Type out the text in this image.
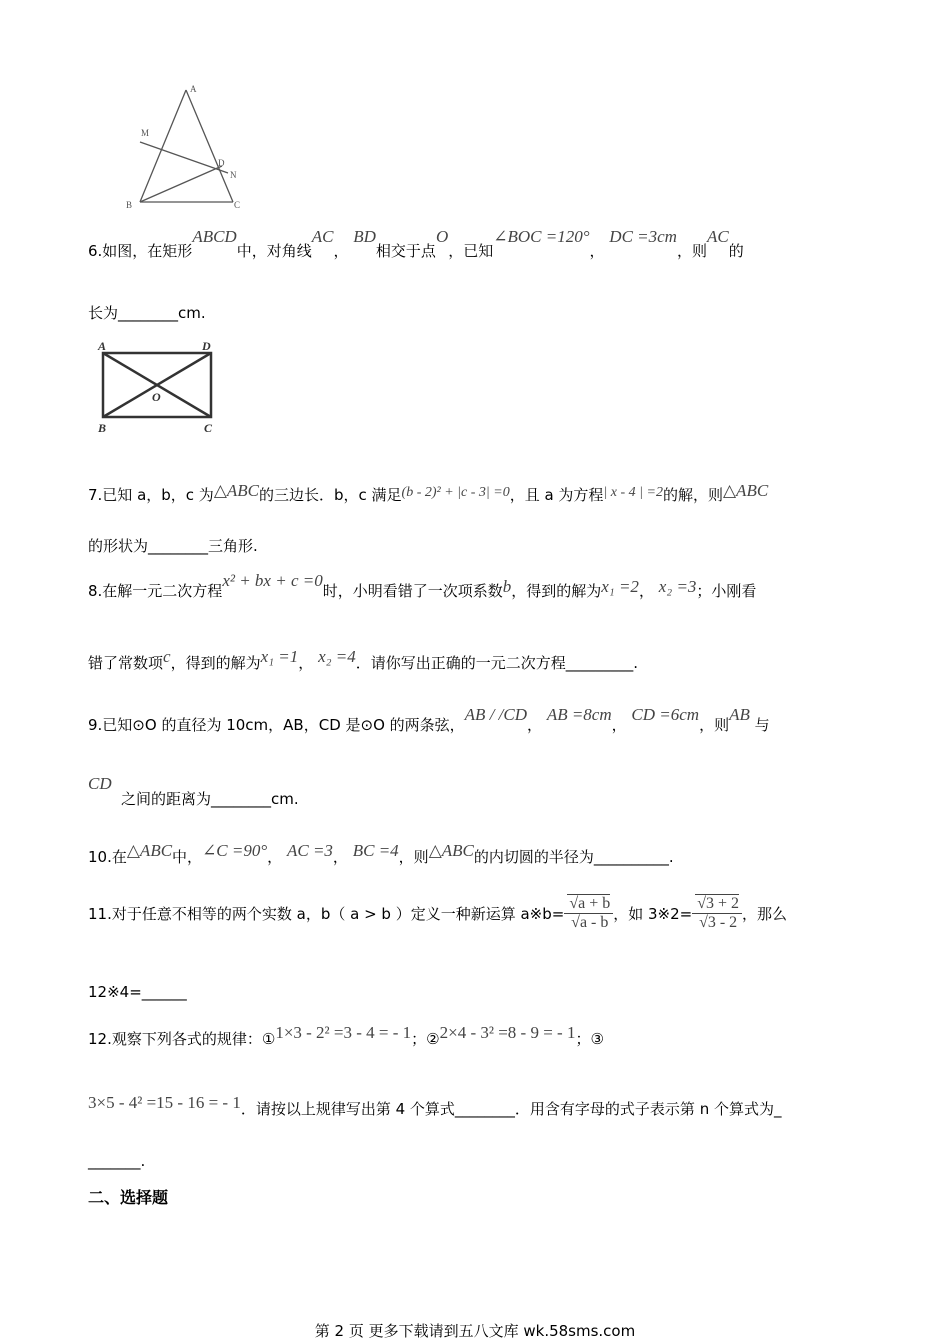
A
M
D
N
B	C
6.如图，在矩形ABCD中，对角线AC， BD相交于点O，已知∠BOC =120°， DC =3cm，则AC的
长为________cm.
A	D
O
B	C
7.已知 a，b，c 为△ABC的三边长．b，c 满足(b - 2)² + |c - 3| =0，且 a 为方程| x - 4 | =2的解，则△ABC
的形状为________三角形.
8.在解一元二次方程x² + bx + c =0时，小明看错了一次项系数b，得到的解为x₁ =2， x₂ =3；小刚看
错了常数项c，得到的解为x₁ =1， x₂ =4．请你写出正确的一元二次方程_________.
9.已知⊙O 的直径为 10cm，AB，CD 是⊙O 的两条弦，AB / /CD， AB =8cm， CD =6cm，则AB 与
CD
之间的距离为________cm.
10.在△ABC中，∠C =90°， AC =3， BC =4，则△ABC的内切圆的半径为__________.
11.对于任意不相等的两个实数 a，b（ a > b ）定义一种新运算 a※b= $\frac{√a + b}{√a - b}$ ，如 3※2= $\frac{√3 + 2}{√3 - 2}$ ，那么
12※4=______
12.观察下列各式的规律：①1×3 - 2² =3 - 4 = - 1；②2×4 - 3² =8 - 9 = - 1；③
3×5 - 4² =15 - 16 = - 1．请按以上规律写出第 4 个算式________．用含有字母的式子表示第 n 个算式为_
_______.
二、选择题
第 2 页 更多下载请到五八文库 wk.58sms.com
